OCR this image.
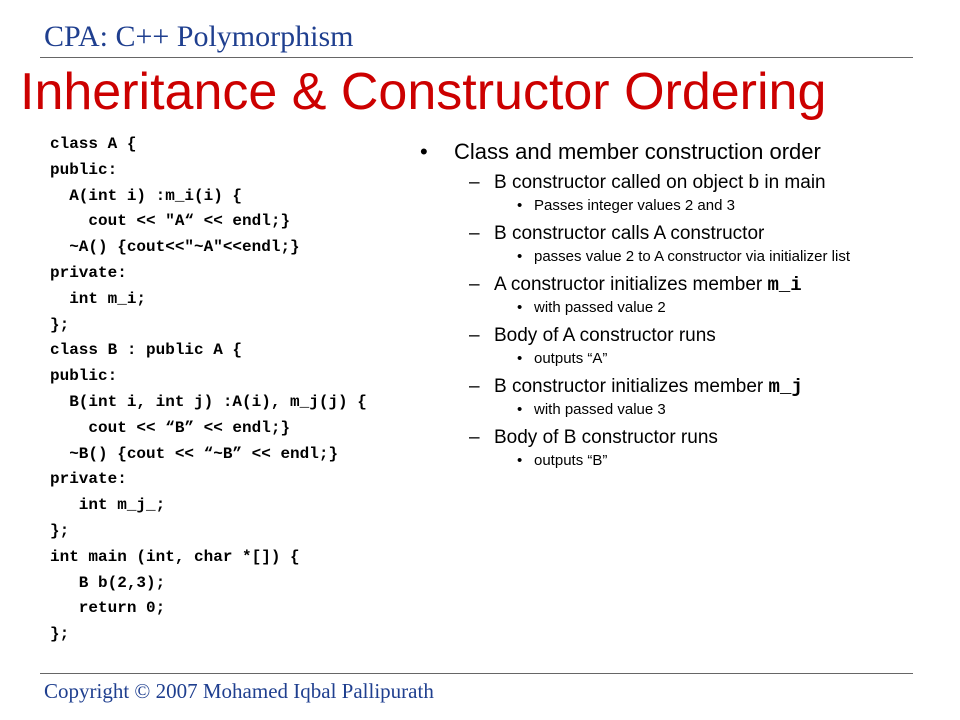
CPA: C++ Polymorphism
Inheritance & Constructor Ordering
class A {
public:
A(int i) :m_i(i) {
cout << "A“ << endl;}
~A() {cout<<"~A"<<endl;}
private:
int m_i;
};
class B : public A {
public:
B(int i, int j) :A(i), m_j(j) {
cout << “B” << endl;}
~B() {cout << “~B” << endl;}
private:
int m_j_;
};
int main (int, char *[]) {
B b(2,3);
return 0;
};
• Class and member construction order
– B constructor called on object b in main
• Passes integer values 2 and 3
– B constructor calls A constructor
• passes value 2 to A constructor via initializer list
– A constructor initializes member m_i
• with passed value 2
– Body of A constructor runs
• outputs “A”
– B constructor initializes member m_j
• with passed value 3
– Body of B constructor runs
• outputs “B”
Copyright © 2007 Mohamed Iqbal Pallipurath
